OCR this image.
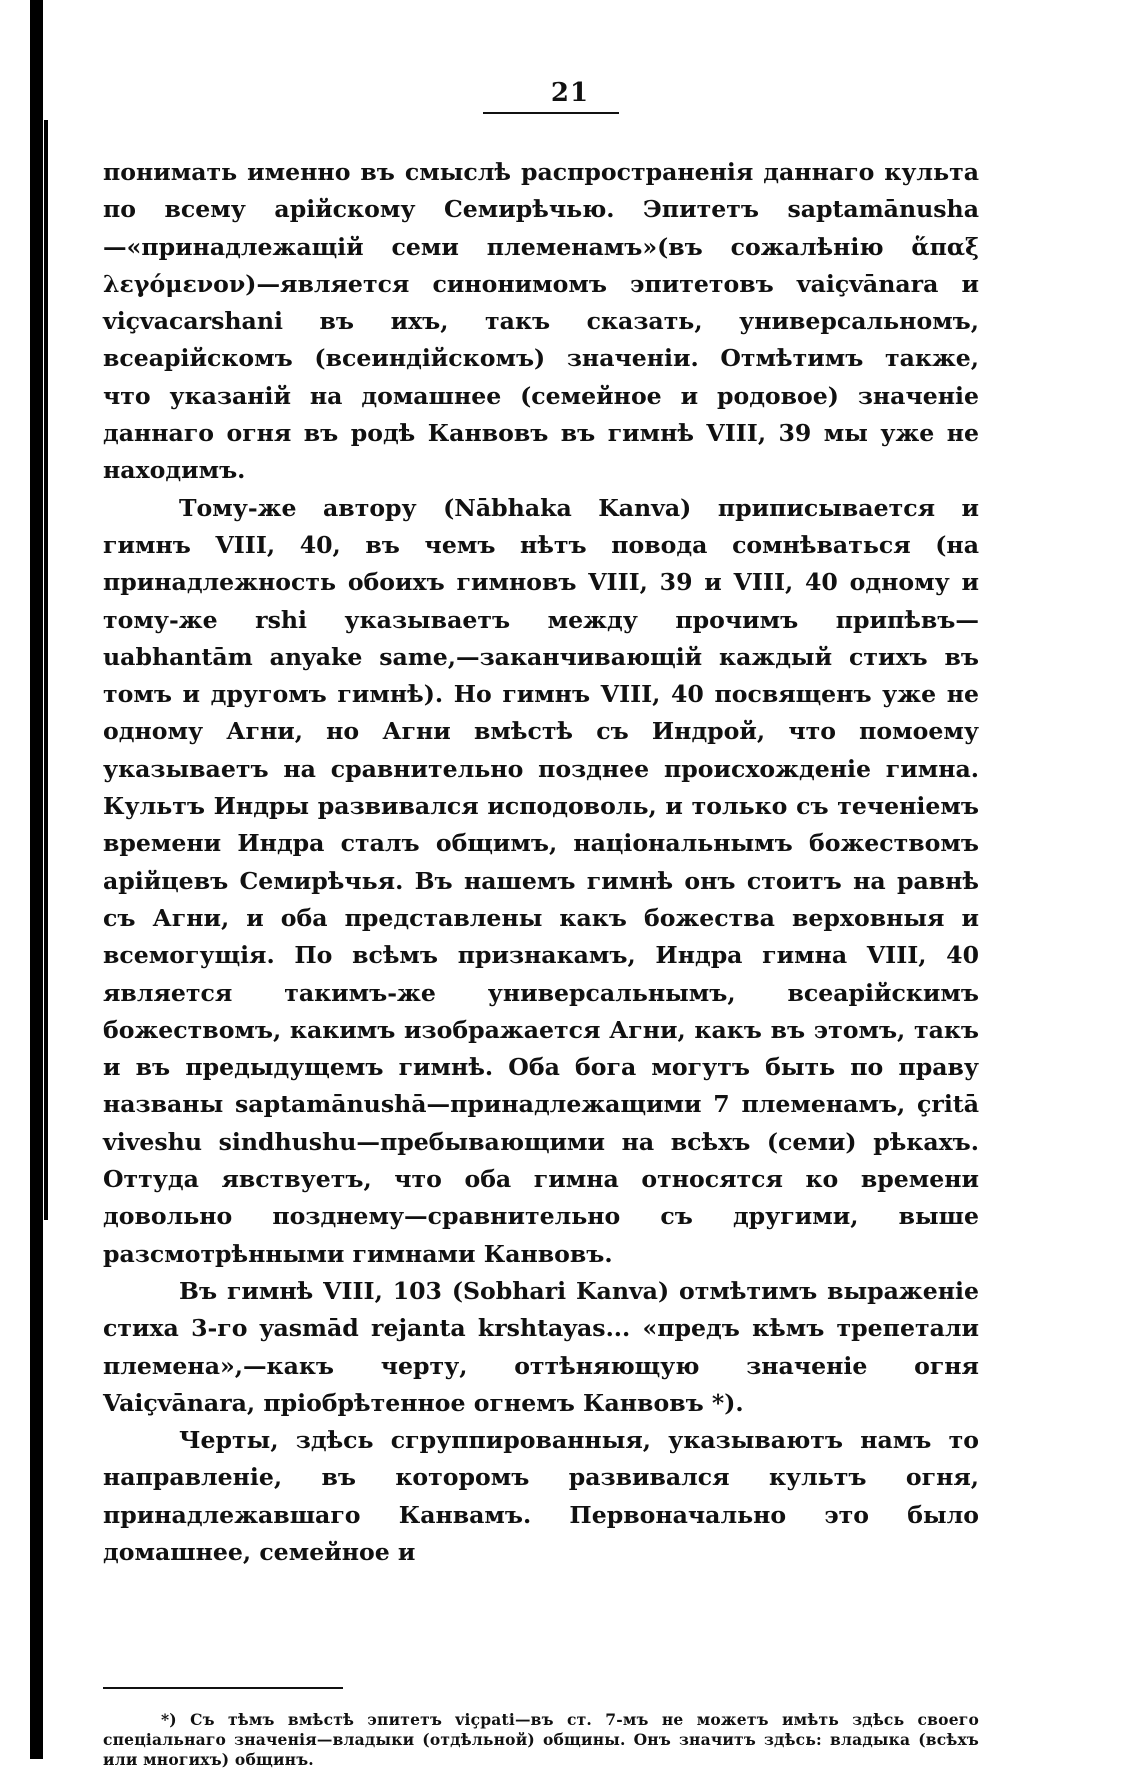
21

понимать именно въ смыслѣ распространенія даннаго культа по всему арійскому Семирѣчью. Эпитетъ saptamānusha—«принадлежащій семи племенамъ»(въ сожалѣнію ἅπαξ λεγόμενον)—является синонимомъ эпитетовъ vaiçvānara и viçvacarshani въ ихъ, такъ сказать, универсальномъ, всеарійскомъ (всеиндійскомъ) значеніи. Отмѣтимъ также, что указаній на домашнее (семейное и родовое) значеніе даннаго огня въ родѣ Канвовъ въ гимнѣ VIII, 39 мы уже не находимъ.

Тому-же автору (Nābhaka Kanva) приписывается и гимнъ VIII, 40, въ чемъ нѣтъ повода сомнѣваться (на принадлежность обоихъ гимновъ VIII, 39 и VIII, 40 одному и тому-же rshi указываетъ между прочимъ припѣвъ—uabhantām anyake same,—заканчивающій каждый стихъ въ томъ и другомъ гимнѣ). Но гимнъ VIII, 40 посвященъ уже не одному Агни, но Агни вмѣстѣ съ Индрой, что помоему указываетъ на сравнительно позднее происхожденіе гимна. Культъ Индры развивался исподоволь, и только съ теченіемъ времени Индра сталъ общимъ, національнымъ божествомъ арійцевъ Семирѣчья. Въ нашемъ гимнѣ онъ стоитъ на равнѣ съ Агни, и оба представлены какъ божества верховныя и всемогущія. По всѣмъ признакамъ, Индра гимна VIII, 40 является такимъ-же универсальнымъ, всеарійскимъ божествомъ, какимъ изображается Агни, какъ въ этомъ, такъ и въ предыдущемъ гимнѣ. Оба бога могутъ быть по праву названы saptamānushā—принадлежащими 7 племенамъ, çritā viveshu sindhushu—пребывающими на всѣхъ (семи) рѣкахъ. Оттуда явствуетъ, что оба гимна относятся ко времени довольно позднему—сравнительно съ другими, выше разсмотрѣнными гимнами Канвовъ.

Въ гимнѣ VIII, 103 (Sobhari Kanva) отмѣтимъ выраженіе стиха 3-го yasmād rejanta krshtayas... «предъ кѣмъ трепетали племена»,—какъ черту, оттѣняющую значеніе огня Vaiçvānara, пріобрѣтенное огнемъ Канвовъ *).

Черты, здѣсь сгруппированныя, указываютъ намъ то направленіе, въ которомъ развивался культъ огня, принадлежавшаго Канвамъ. Первоначально это было домашнее, семейное и

*) Съ тѣмъ вмѣстѣ эпитетъ viçpati—въ ст. 7-мъ не можетъ имѣть здѣсь своего спеціальнаго значенія—владыки (отдѣльной) общины. Онъ значитъ здѣсь: владыка (всѣхъ или многихъ) общинъ.
